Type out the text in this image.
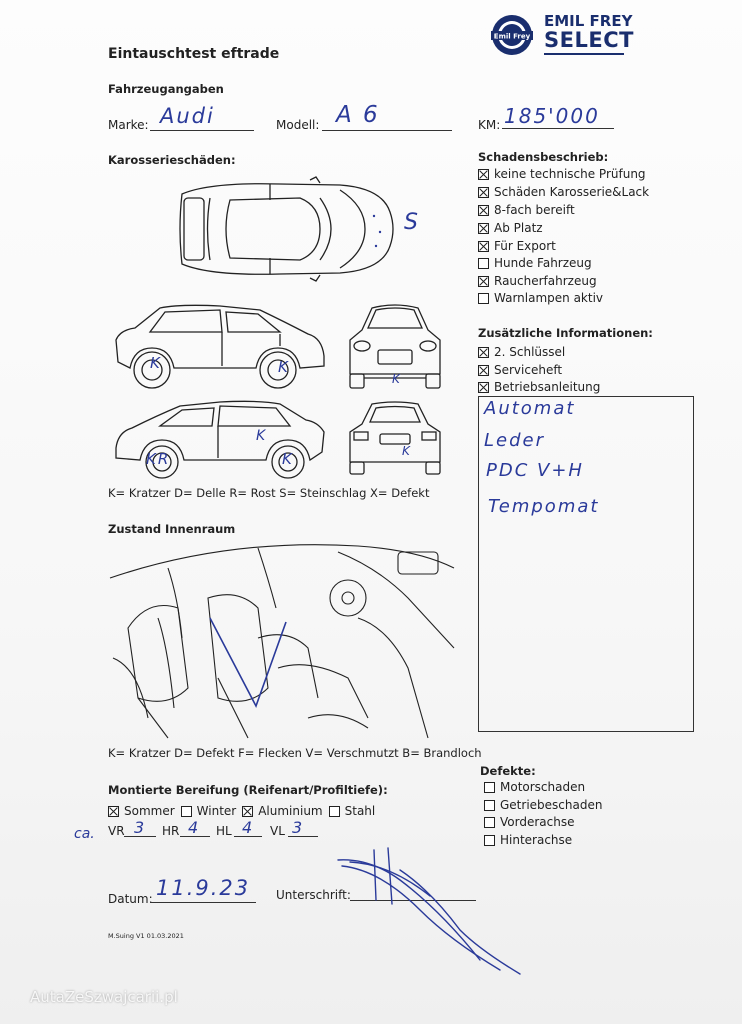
Eintauschtest eftrade
Emil Frey
EMIL FREY
SELECT
Fahrzeugangaben
Marke: Audi	Modell: A 6	KM: 185'000
Karosserieschäden:
S
K	K
K
KR
K
K	K
K= Kratzer D= Delle R= Rost S= Steinschlag X= Defekt
Schadensbeschrieb:
keine technische Prüfung
Schäden Karosserie&Lack
8-fach bereift
Ab Platz
Für Export
Hunde Fahrzeug
Raucherfahrzeug
Warnlampen aktiv
Zusätzliche Informationen:
2. Schlüssel
Serviceheft
Betriebsanleitung
Automat
Leder
PDC V+H
Tempomat
Zustand Innenraum
K= Kratzer D= Defekt F= Flecken V= Verschmutzt B= Brandloch
Defekte:
Motorschaden
Getriebeschaden
Vorderachse
Hinterachse
Montierte Bereifung (Reifenart/Profiltiefe):
Sommer Winter Aluminium Stahl
ca. VR 3 HR 4 HL 4 VL 3
Datum: 11.9.23 Unterschrift:
M.Suing V1 01.03.2021
AutaZeSzwajcarii.pl
